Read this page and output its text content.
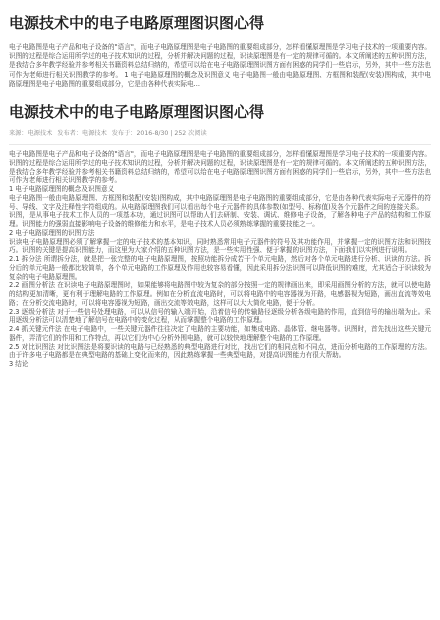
电源技术中的电子电路原理图识图心得

电子电路图是电子产品和电子设备的"语言"，而电子电路原理图是电子电路图的重要组成部分，怎样看懂原理图是学习电子技术的一项重要内容。识图的过程是综合运用所学过的电子技术知识的过程，分析并解决问题的过程，识读原理图是有一定的规律可循的。本文所阐述的五种识图方法，是我结合多年教学经验并参考相关书籍资料总结归纳的，希望可以给在电子电路原理图识图方面有困惑的同学们一些启示，另外，其中一些方法也可作为老师进行相关识图教学的参考。 1 电子电路原理图的概念及识图意义 电子电路图一般由电路原理图、方框图和装配(安装)图构成，其中电路原理图是电子电路图的重要组成部分，它是由各种代表实际电...

电源技术中的电子电路原理图识图心得
来源：电源技术 发布者：电源技术 发布于：2016-8/30 | 252 次阅读

电子电路图是电子产品和电子设备的"语言"，而电子电路原理图是电子电路图的重要组成部分，怎样看懂原理图是学习电子技术的一项重要内容。识图的过程是综合运用所学过的电子技术知识的过程，分析并解决问题的过程，识读原理图是有一定的规律可循的。本文所阐述的五种识图方法，是我结合多年教学经验并参考相关书籍资料总结归纳的，希望可以给在电子电路原理图识图方面有困惑的同学们一些启示，另外，其中一些方法也可作为老师进行相关识图教学的参考。

1 电子电路原理图的概念及识图意义

电子电路图一般由电路原理图、方框图和装配(安装)图构成，其中电路原理图是电子电路图的重要组成部分，它是由各种代表实际电子元器件的符号、导线、文字及注释性字符组成的。从电路原理图我们可以看出每个电子元器件的具体参数(如型号、标称值)及各个元器件之间的连接关系。

识图，是从事电子技术工作人员的一项基本功，通过识图可以帮助人们去研制、安装、调试、维修电子设备，了解各种电子产品的结构和工作原理。识图能力的强弱直接影响电子设备的维修能力和水平，是电子技术人员必须熟练掌握的重要技能之一。

2 电子电路原理图的识图方法

识读电子电路原理图必须了解掌握一定的电子技术的基本知识，同时熟悉常用电子元器件的符号及其功能作用，并掌握一定的识图方法和识图技巧。识图的关键是提高识图能力，而这里为大家介绍的五种识图方法，是一些实用性强、便于掌握的识图方法，下面我们以实例进行说明。

2.1 拆分法 所谓拆分法，就是把一张完整的电子电路原理图，按照功能拆分成若干个单元电路，然后对各个单元电路进行分析、识读的方法。拆分后的单元电路一般都比较简单，各个单元电路的工作原理及作用也较容易看懂，因此采用拆分法识图可以降低识图的难度，尤其适合于识读较为复杂的电子电路原理图。

2.2 画图分析法 在识读电子电路原理图时，如果能够将电路图中较为复杂的部分按照一定的规律画出来，即采用画图分析的方法，就可以使电路的结构更加清晰，更有利于理解电路的工作原理。例如在分析直流电路时，可以将电路中的电容器视为开路，电感器视为短路，画出直流等效电路；在分析交流电路时，可以将电容器视为短路，画出交流等效电路，这样可以大大简化电路，便于分析。

2.3 逐级分析法 对于一些信号处理电路，可以从信号的输入端开始，沿着信号的传输路径逐级分析各级电路的作用，直到信号的输出端为止。采用逐级分析法可以清楚地了解信号在电路中的变化过程，从而掌握整个电路的工作原理。

2.4 抓关键元件法 在电子电路中，一些关键元器件往往决定了电路的主要功能，如集成电路、晶体管、继电器等。识图时，首先找出这些关键元器件，弄清它们的作用和工作特点，再以它们为中心分析外围电路，就可以较快地理解整个电路的工作原理。

2.5 对比识图法 对比识图法是将要识读的电路与已经熟悉的典型电路进行对比，找出它们的相同点和不同点，进而分析电路的工作原理的方法。由于许多电子电路都是在典型电路的基础上变化而来的，因此熟练掌握一些典型电路，对提高识图能力有很大帮助。

3 结论
